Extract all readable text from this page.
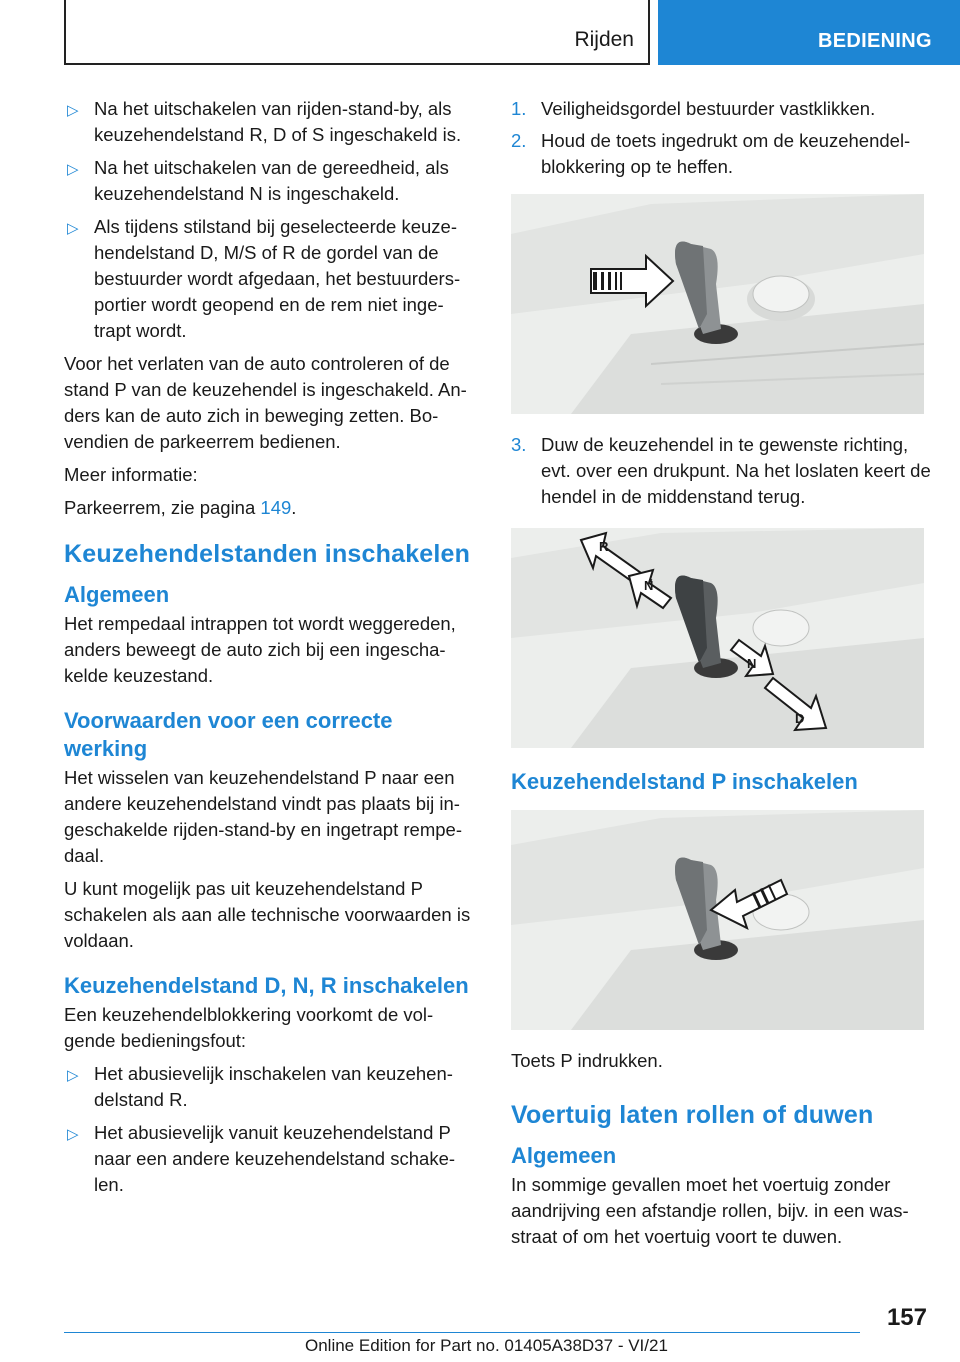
Rijden	BEDIENING
▷ Na het uitschakelen van rijden-stand-by, als keuzehendelstand R, D of S ingeschakeld is.
▷ Na het uitschakelen van de gereedheid, als keuzehendelstand N is ingeschakeld.
▷ Als tijdens stilstand bij geselecteerde keuze-hendelstand D, M/S of R de gordel van de bestuurder wordt afgedaan, het bestuurders-portier wordt geopend en de rem niet inge-trapt wordt.
Voor het verlaten van de auto controleren of de stand P van de keuzehendel is ingeschakeld. An-ders kan de auto zich in beweging zetten. Bo-vendien de parkeerrem bedienen.
Meer informatie:
Parkeerrem, zie pagina 149.
Keuzehendelstanden inschakelen
Algemeen
Het rempedaal intrappen tot wordt weggereden, anders beweegt de auto zich bij een ingescha-kelde keuzestand.
Voorwaarden voor een correcte werking
Het wisselen van keuzehendelstand P naar een andere keuzehendelstand vindt pas plaats bij in-geschakelde rijden-stand-by en ingetrapt rempe-daal.
U kunt mogelijk pas uit keuzehendelstand P schakelen als aan alle technische voorwaarden is voldaan.
Keuzehendelstand D, N, R inschakelen
Een keuzehendelblokkering voorkomt de vol-gende bedieningsfout:
▷ Het abusievelijk inschakelen van keuzehen-delstand R.
▷ Het abusievelijk vanuit keuzehendelstand P naar een andere keuzehendelstand schake-len.
1. Veiligheidsgordel bestuurder vastklikken.
2. Houd de toets ingedrukt om de keuzehendel-blokkering op te heffen.
3. Duw de keuzehendel in te gewenste richting, evt. over een drukpunt. Na het loslaten keert de hendel in de middenstand terug.
R
N
N
D
Keuzehendelstand P inschakelen
Toets P indrukken.
Voertuig laten rollen of duwen
Algemeen
In sommige gevallen moet het voertuig zonder aandrijving een afstandje rollen, bijv. in een was-straat of om het voertuig voort te duwen.
157
Online Edition for Part no. 01405A38D37 - VI/21
